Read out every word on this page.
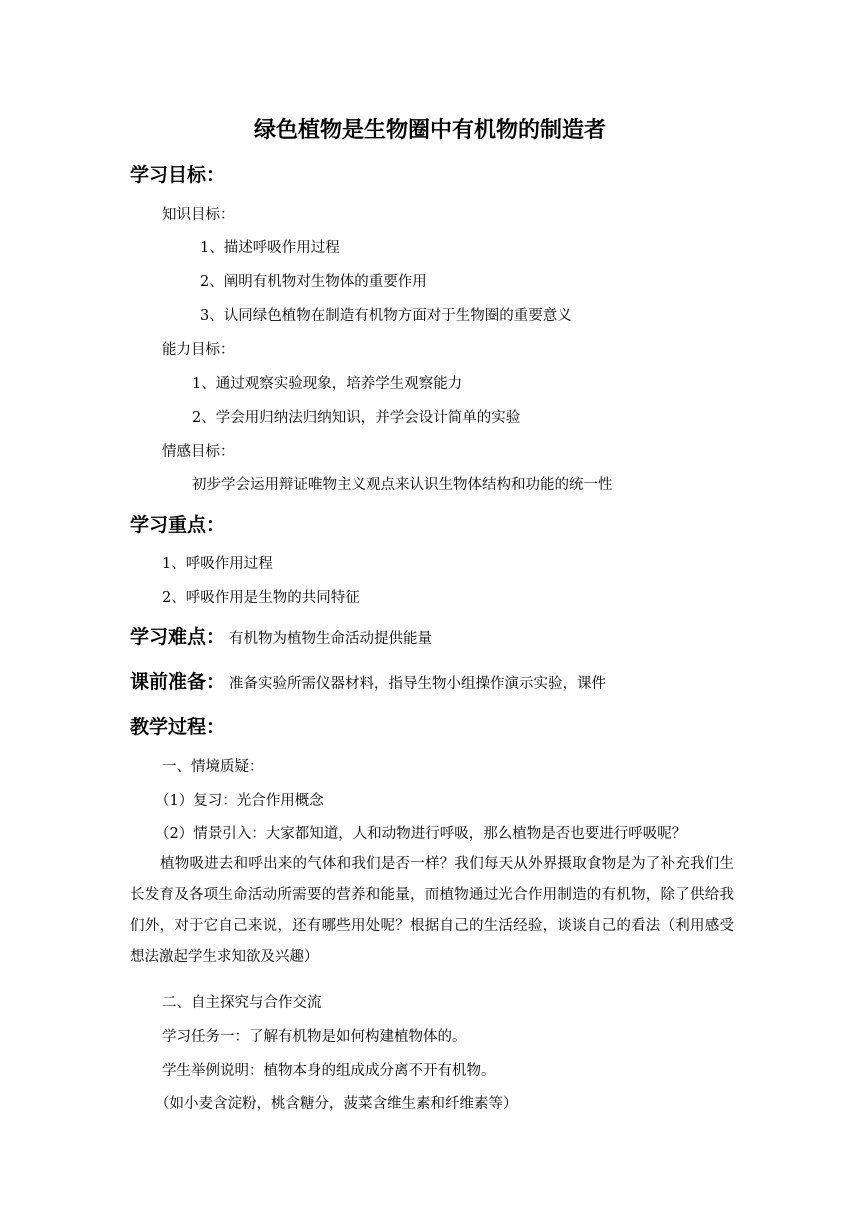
绿色植物是生物圈中有机物的制造者
学习目标：
知识目标：
1、描述呼吸作用过程
2、阐明有机物对生物体的重要作用
3、认同绿色植物在制造有机物方面对于生物圈的重要意义
能力目标：
1、通过观察实验现象，培养学生观察能力
2、学会用归纳法归纳知识，并学会设计简单的实验
情感目标：
初步学会运用辩证唯物主义观点来认识生物体结构和功能的统一性
学习重点：
1、呼吸作用过程
2、呼吸作用是生物的共同特征
学习难点： 有机物为植物生命活动提供能量
课前准备： 准备实验所需仪器材料，指导生物小组操作演示实验，课件
教学过程：
一、情境质疑：
（1）复习：光合作用概念
（2）情景引入：大家都知道，人和动物进行呼吸，那么植物是否也要进行呼吸呢？
植物吸进去和呼出来的气体和我们是否一样？我们每天从外界摄取食物是为了补充我们生长发育及各项生命活动所需要的营养和能量，而植物通过光合作用制造的有机物，除了供给我们外，对于它自己来说，还有哪些用处呢？根据自己的生活经验，谈谈自己的看法（利用感受想法激起学生求知欲及兴趣）
二、自主探究与合作交流
学习任务一：了解有机物是如何构建植物体的。
学生举例说明：植物本身的组成成分离不开有机物。
（如小麦含淀粉，桃含糖分，菠菜含维生素和纤维素等）
